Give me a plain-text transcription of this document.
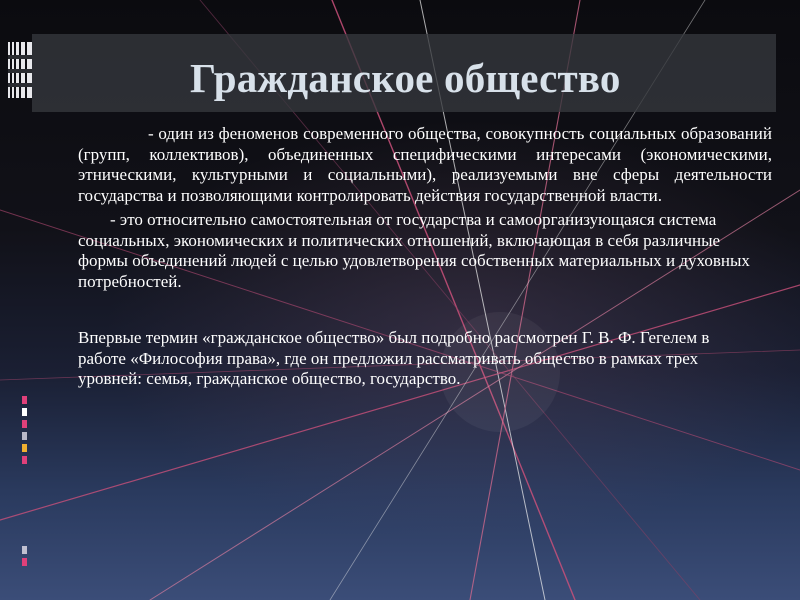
Гражданское общество

- один из феноменов современного общества, совокупность социальных образований (групп, коллективов), объединенных специфическими интересами (экономическими, этническими, культурными и социальными), реализуемыми вне сферы деятельности государства и позволяющими контролировать действия государственной власти.

- это относительно самостоятельная от государства и самоорганизующаяся система социальных, экономических и политических отношений, включающая в себя различные формы объединений людей с целью удовлетворения собственных материальных и духовных потребностей.

Впервые термин «гражданское общество» был подробно рассмотрен Г. В. Ф. Гегелем в работе «Философия права», где он предложил рассматривать общество в рамках трех уровней: семья, гражданское общество, государство.
